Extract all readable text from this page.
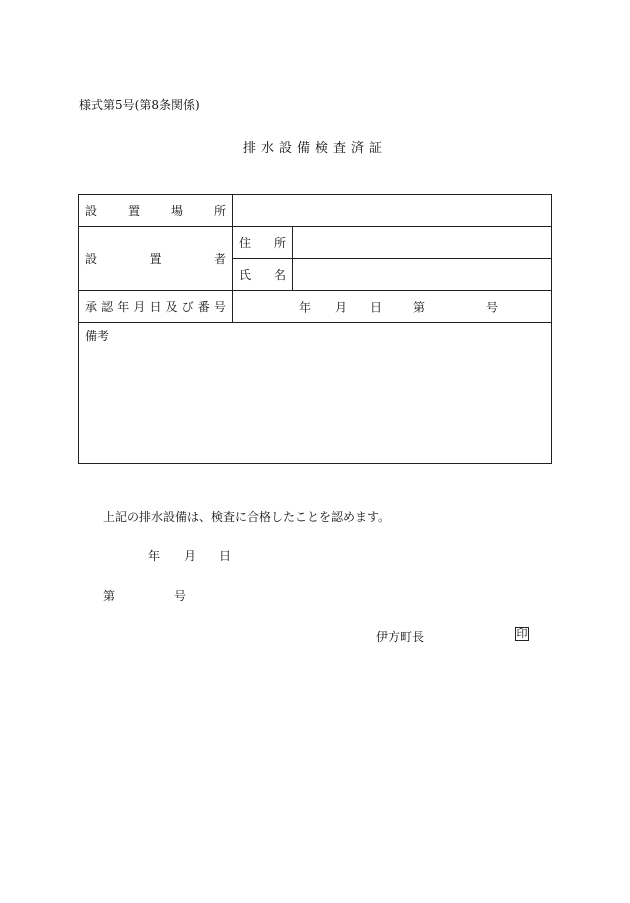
様式第5号(第8条関係)
排水設備検査済証
設	置	場	所
設	置	者
住 所
氏 名
承 認 年 月 日 及 び 番 号	年 月 日	第	号
備考
上記の排水設備は、検査に合格したことを認めます。
年 月 日
第	号
伊方町長	印
